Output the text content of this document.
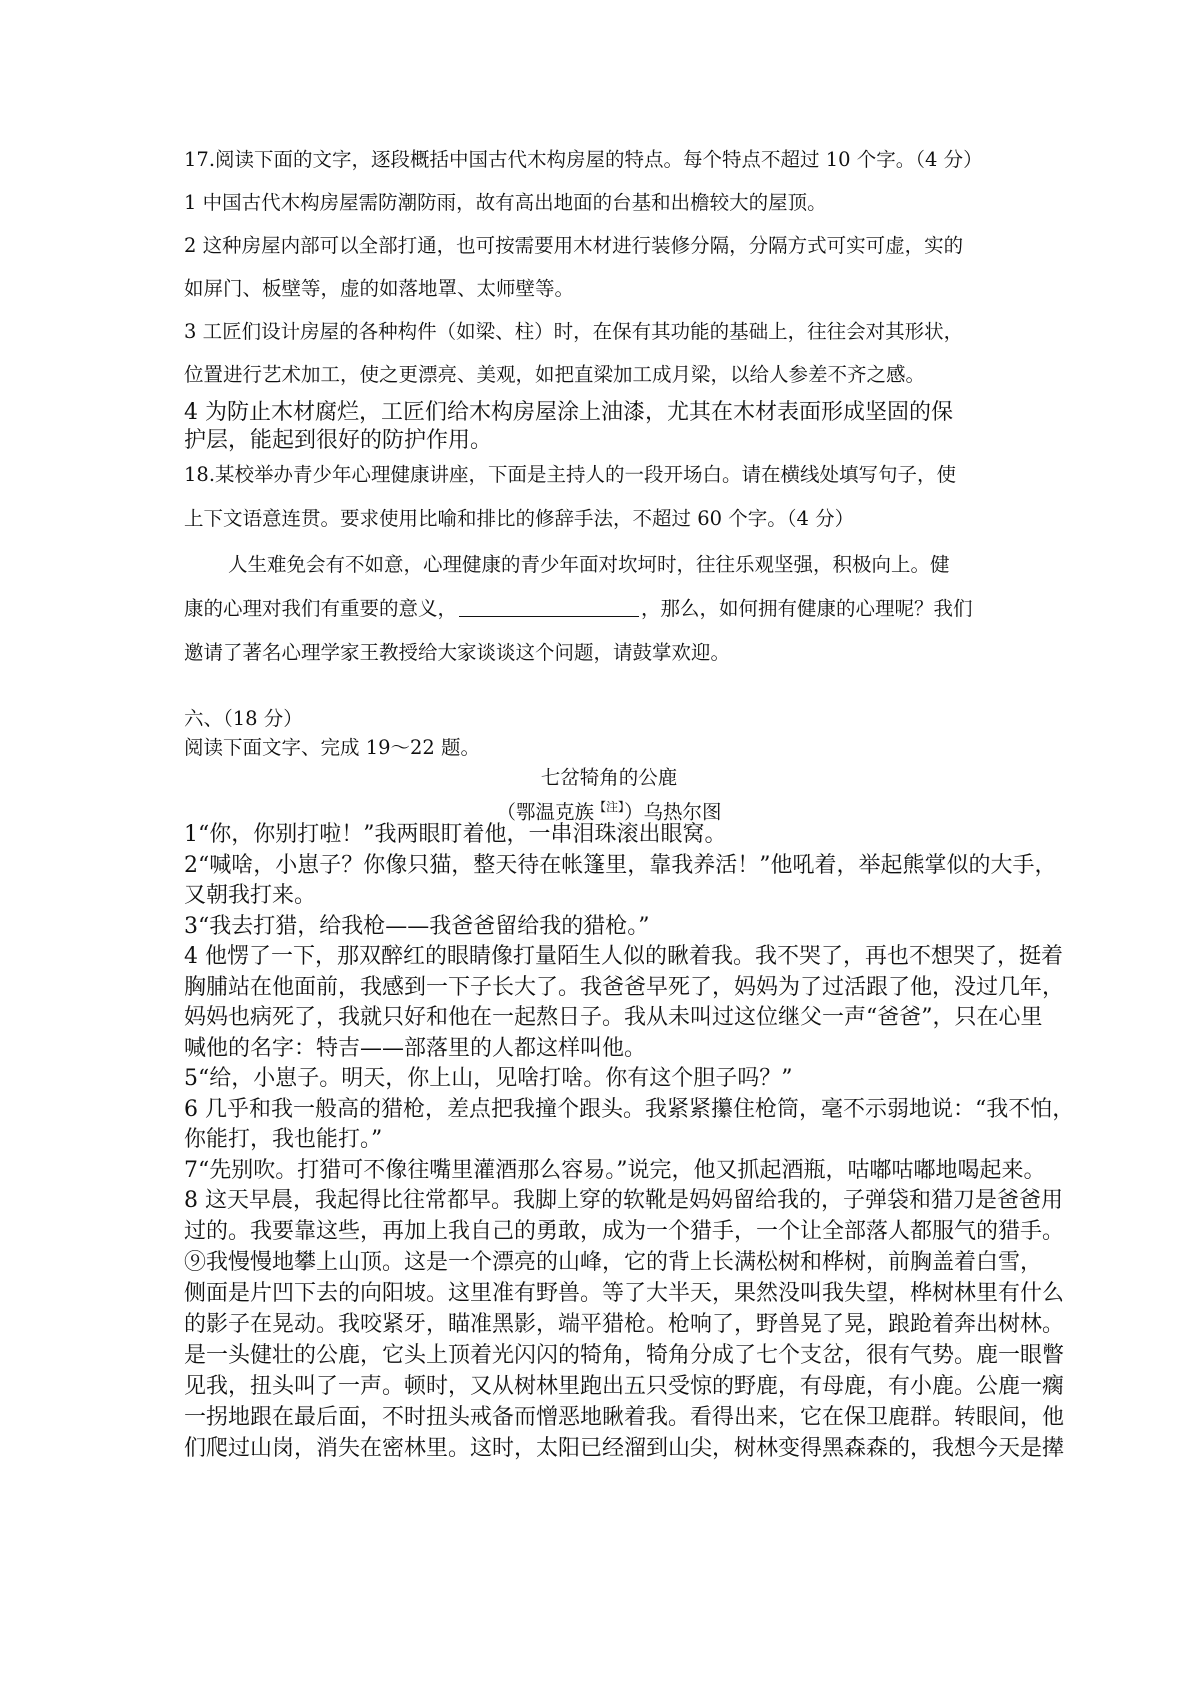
17.阅读下面的文字，逐段概括中国古代木构房屋的特点。每个特点不超过 10 个字。（4 分）
1 中国古代木构房屋需防潮防雨，故有高出地面的台基和出檐较大的屋顶。
2 这种房屋内部可以全部打通，也可按需要用木材进行装修分隔，分隔方式可实可虚，实的
如屏门、板壁等，虚的如落地罩、太师壁等。
3 工匠们设计房屋的各种构件（如梁、柱）时，在保有其功能的基础上，往往会对其形状，
位置进行艺术加工，使之更漂亮、美观，如把直梁加工成月梁，以给人参差不齐之感。
4 为防止木材腐烂，工匠们给木构房屋涂上油漆，尤其在木材表面形成坚固的保
护层，能起到很好的防护作用。
18.某校举办青少年心理健康讲座，下面是主持人的一段开场白。请在横线处填写句子，使
上下文语意连贯。要求使用比喻和排比的修辞手法，不超过 60 个字。（4 分）
人生难免会有不如意，心理健康的青少年面对坎坷时，往往乐观坚强，积极向上。健
康的心理对我们有重要的意义，	，那么，如何拥有健康的心理呢？我们
邀请了著名心理学家王教授给大家谈谈这个问题，请鼓掌欢迎。
六、（18 分）
阅读下面文字、完成 19～22 题。
七岔犄角的公鹿
（鄂温克族$^{【注】}$）乌热尔图
1“你，你别打啦！”我两眼盯着他，一串泪珠滚出眼窝。
2“喊啥，小崽子？你像只猫，整天待在帐篷里，靠我养活！”他吼着，举起熊掌似的大手，
又朝我打来。
3“我去打猎，给我枪——我爸爸留给我的猎枪。”
4 他愣了一下，那双醉红的眼睛像打量陌生人似的瞅着我。我不哭了，再也不想哭了，挺着
胸脯站在他面前，我感到一下子长大了。我爸爸早死了，妈妈为了过活跟了他，没过几年，
妈妈也病死了，我就只好和他在一起熬日子。我从未叫过这位继父一声“爸爸”，只在心里
喊他的名字：特吉——部落里的人都这样叫他。
5“给，小崽子。明天，你上山，见啥打啥。你有这个胆子吗？”
6 几乎和我一般高的猎枪，差点把我撞个跟头。我紧紧攥住枪筒，毫不示弱地说：“我不怕，
你能打，我也能打。”
7“先别吹。打猎可不像往嘴里灌酒那么容易。”说完，他又抓起酒瓶，咕嘟咕嘟地喝起来。
8 这天早晨，我起得比往常都早。我脚上穿的软靴是妈妈留给我的，子弹袋和猎刀是爸爸用
过的。我要靠这些，再加上我自己的勇敢，成为一个猎手，一个让全部落人都服气的猎手。
⑨我慢慢地攀上山顶。这是一个漂亮的山峰，它的背上长满松树和桦树，前胸盖着白雪，
侧面是片凹下去的向阳坡。这里准有野兽。等了大半天，果然没叫我失望，桦树林里有什么
的影子在晃动。我咬紧牙，瞄准黑影，端平猎枪。枪响了，野兽晃了晃，踉跄着奔出树林。
是一头健壮的公鹿，它头上顶着光闪闪的犄角，犄角分成了七个支岔，很有气势。鹿一眼瞥
见我，扭头叫了一声。顿时，又从树林里跑出五只受惊的野鹿，有母鹿，有小鹿。公鹿一瘸
一拐地跟在最后面，不时扭头戒备而憎恶地瞅着我。看得出来，它在保卫鹿群。转眼间，他
们爬过山岗，消失在密林里。这时，太阳已经溜到山尖，树林变得黑森森的，我想今天是撵
